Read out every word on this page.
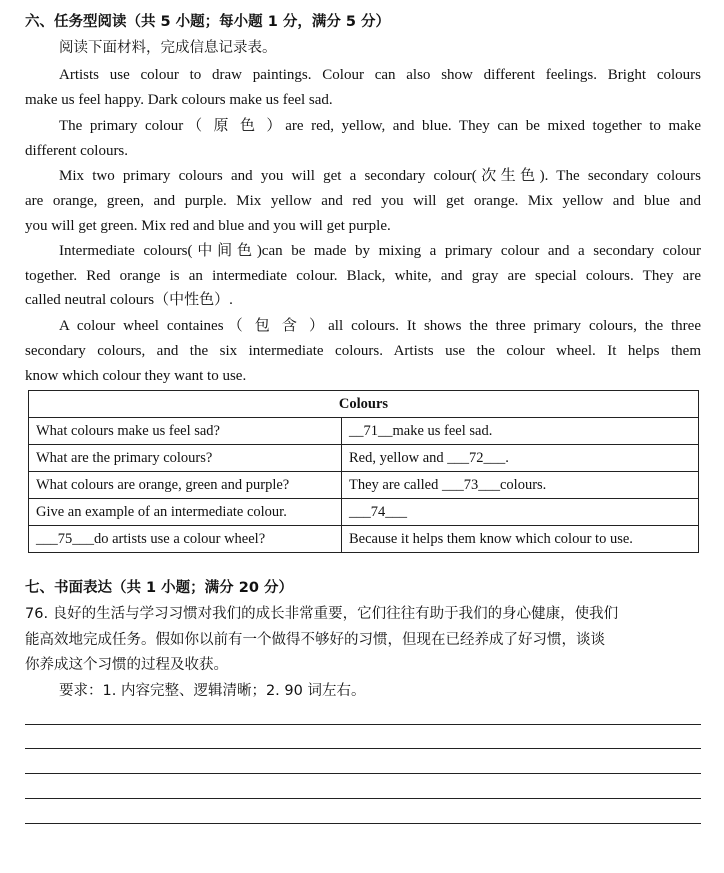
六、任务型阅读（共 5 小题；每小题 1 分，满分 5 分）
阅读下面材料，完成信息记录表。
Artists use colour to draw paintings. Colour can also show different feelings. Bright colours
make us feel happy. Dark colours make us feel sad.
The primary colour（ 原 色 ）are red, yellow, and blue. They can be mixed together to make
different colours.
Mix two primary colours and you will get a secondary colour(次生色). The secondary colours
are orange, green, and purple. Mix yellow and red you will get orange. Mix yellow and blue and
you will get green. Mix red and blue and you will get purple.
Intermediate colours(中间色)can be made by mixing a primary colour and a secondary colour
together. Red orange is an intermediate colour. Black, white, and gray are special colours. They are
called neutral colours（中性色）.
A colour wheel containes（ 包 含 ）all colours. It shows the three primary colours, the three
secondary colours, and the six intermediate colours. Artists use the colour wheel. It helps them
know which colour they want to use.
Colours	
What colours make us feel sad?	__71__make us feel sad.
What are the primary colours?	Red, yellow and ___72___.
What colours are orange, green and purple?	They are called ___73___colours.
Give an example of an intermediate colour.	___74___
___75___do artists use a colour wheel?	Because it helps them know which colour to use.
七、书面表达（共 1 小题；满分 20 分）
76. 良好的生活与学习习惯对我们的成长非常重要，它们往往有助于我们的身心健康，使我们
能高效地完成任务。假如你以前有一个做得不够好的习惯，但现在已经养成了好习惯，谈谈
你养成这个习惯的过程及收获。
要求：1. 内容完整、逻辑清晰；2. 90 词左右。
